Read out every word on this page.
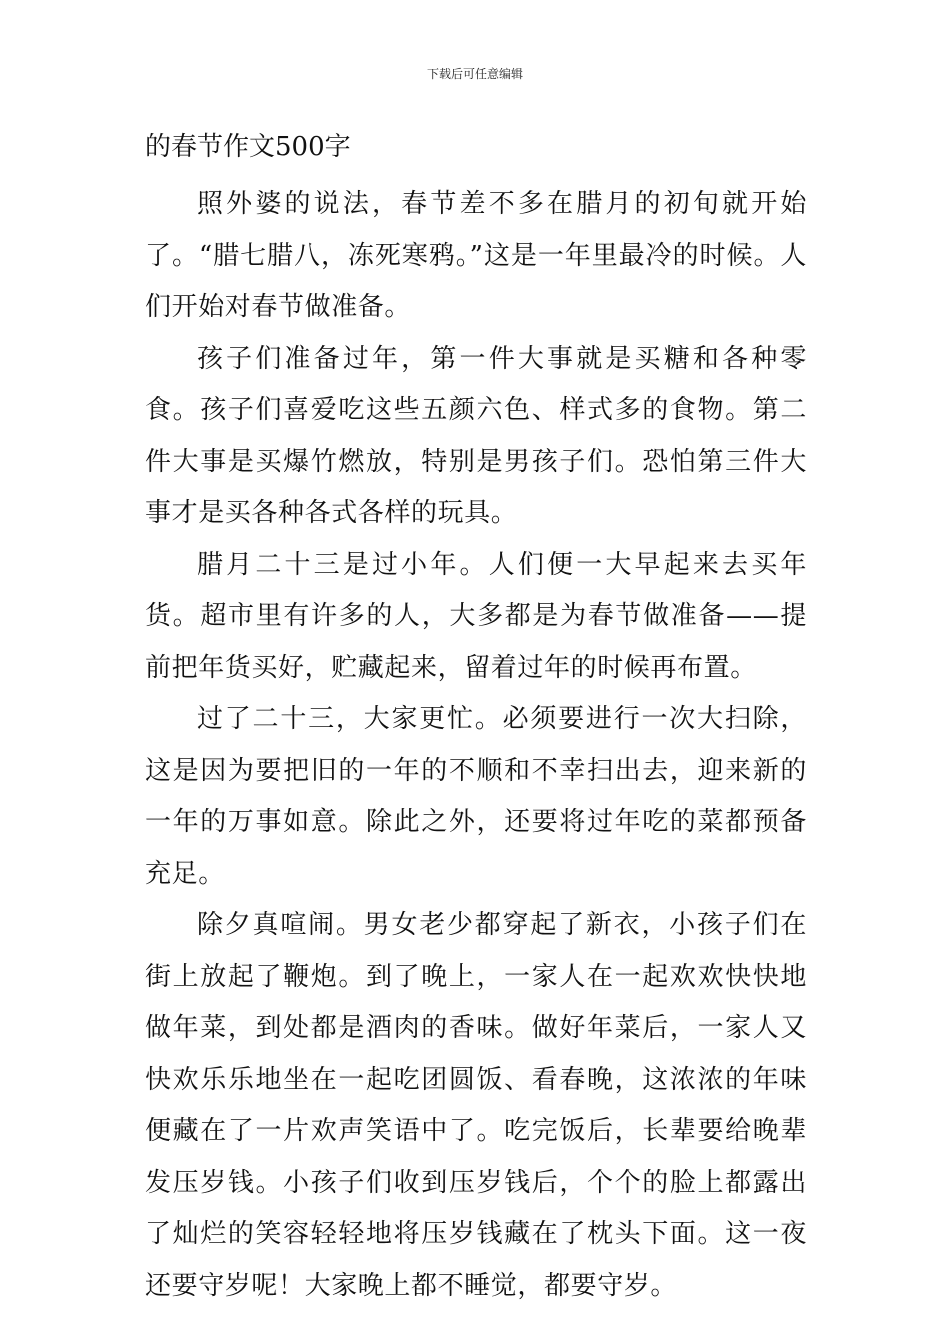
下载后可任意编辑
的春节作文500字

照外婆的说法，春节差不多在腊月的初旬就开始了。“腊七腊八，冻死寒鸦。”这是一年里最冷的时候。人们开始对春节做准备。

孩子们准备过年，第一件大事就是买糖和各种零食。孩子们喜爱吃这些五颜六色、样式多的食物。第二件大事是买爆竹燃放，特别是男孩子们。恐怕第三件大事才是买各种各式各样的玩具。

腊月二十三是过小年。人们便一大早起来去买年货。超市里有许多的人，大多都是为春节做准备——提前把年货买好，贮藏起来，留着过年的时候再布置。

过了二十三，大家更忙。必须要进行一次大扫除，这是因为要把旧的一年的不顺和不幸扫出去，迎来新的一年的万事如意。除此之外，还要将过年吃的菜都预备充足。

除夕真喧闹。男女老少都穿起了新衣，小孩子们在街上放起了鞭炮。到了晚上，一家人在一起欢欢快快地做年菜，到处都是酒肉的香味。做好年菜后，一家人又快欢乐乐地坐在一起吃团圆饭、看春晚，这浓浓的年味便藏在了一片欢声笑语中了。吃完饭后，长辈要给晚辈发压岁钱。小孩子们收到压岁钱后，个个的脸上都露出了灿烂的笑容轻轻地将压岁钱藏在了枕头下面。这一夜还要守岁呢！大家晚上都不睡觉，都要守岁。
